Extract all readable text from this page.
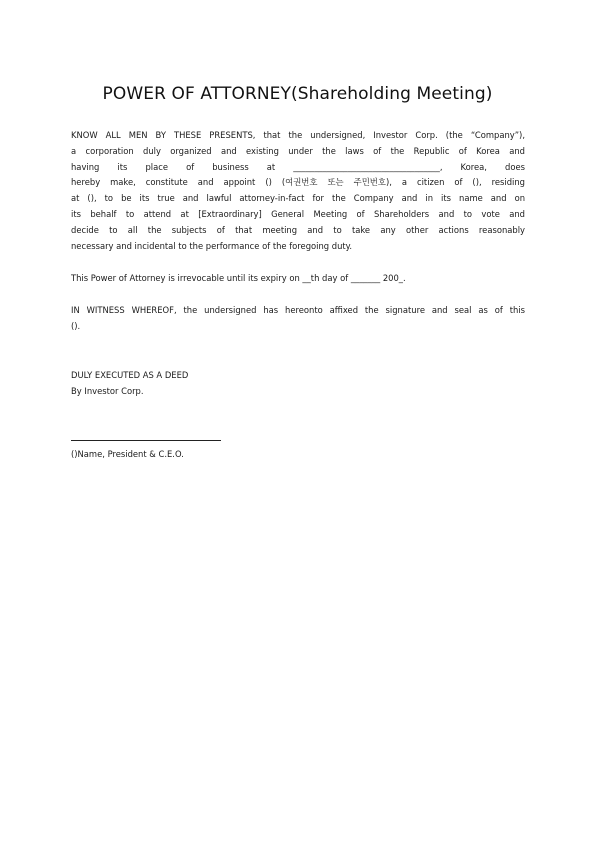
POWER OF ATTORNEY(Shareholding Meeting)
KNOW ALL MEN BY THESE PRESENTS, that the undersigned, Investor Corp. (the “Company”),
a corporation duly organized and existing under the laws of the Republic of Korea and
having its place of business at ___________________________________, Korea, does
hereby make, constitute and appoint () (여권번호 또는 주민번호), a citizen of (), residing
at (), to be its true and lawful attorney-in-fact for the Company and in its name and on
its behalf to attend at [Extraordinary] General Meeting of Shareholders and to vote and
decide to all the subjects of that meeting and to take any other actions reasonably
necessary and incidental to the performance of the foregoing duty.
This Power of Attorney is irrevocable until its expiry on __th day of _______ 200_.
IN WITNESS WHEREOF, the undersigned has hereonto affixed the signature and seal as of this
().
DULY EXECUTED AS A DEED
By Investor Corp.
()Name, President & C.E.O.
